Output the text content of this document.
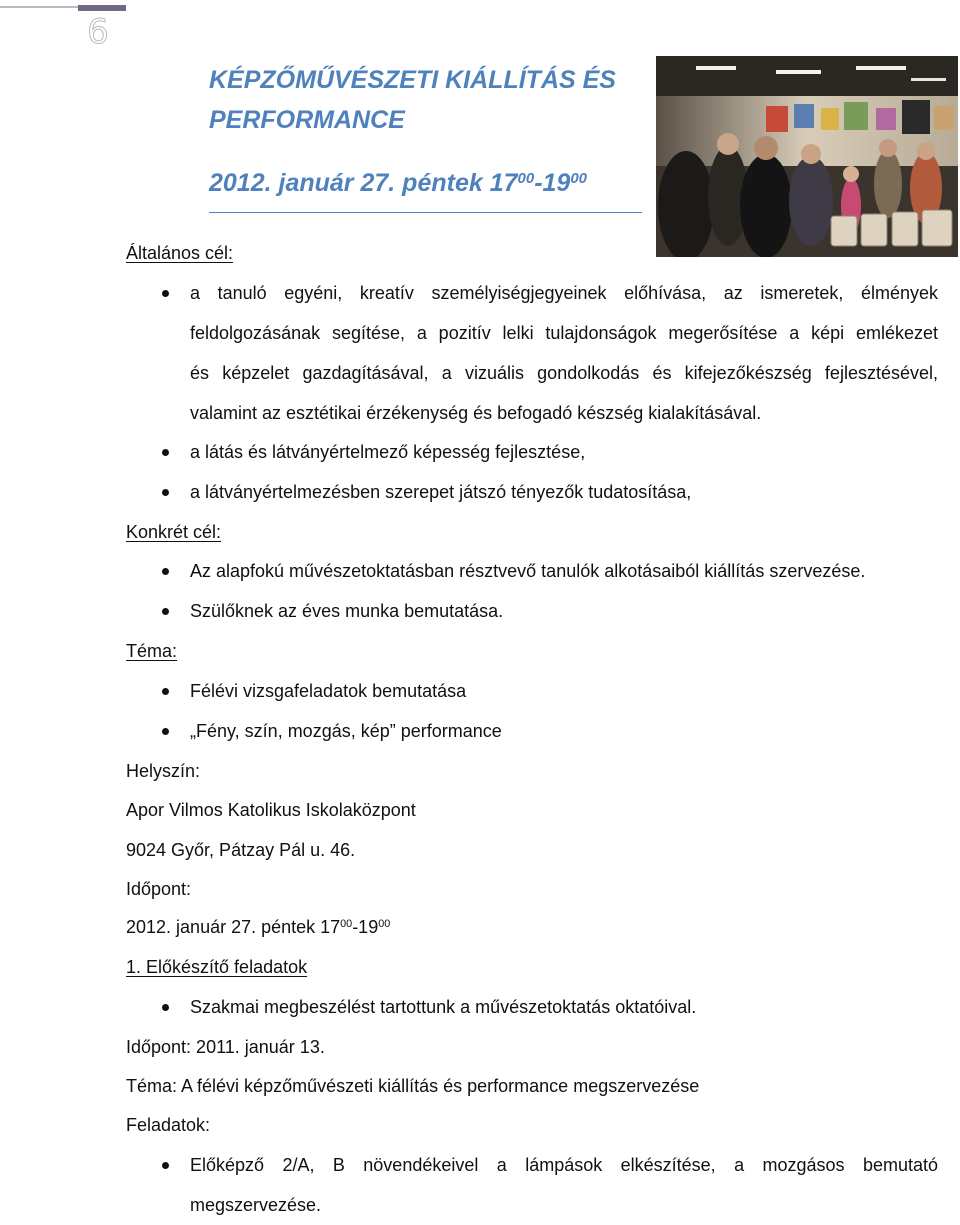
6
KÉPZŐMŰVÉSZETI KIÁLLÍTÁS ÉS PERFORMANCE
2012. január 27. péntek $17^{00}-19^{00}$
Általános cél:
a tanuló egyéni, kreatív személyiségjegyeinek előhívása, az ismeretek, élmények
feldolgozásának segítése, a pozitív lelki tulajdonságok megerősítése a képi emlékezet
és képzelet gazdagításával, a vizuális gondolkodás és kifejezőkészség fejlesztésével,
valamint az esztétikai érzékenység és befogadó készség kialakításával.
a látás és látványértelmező képesség fejlesztése,
a látványértelmezésben szerepet játszó tényezők tudatosítása,
Konkrét cél:
Az alapfokú művészetoktatásban résztvevő tanulók alkotásaiból kiállítás szervezése.
Szülőknek az éves munka bemutatása.
Téma:
Félévi vizsgafeladatok bemutatása
„Fény, szín, mozgás, kép” performance
Helyszín:
Apor Vilmos Katolikus Iskolaközpont
9024 Győr, Pátzay Pál u. 46.
Időpont:
2012. január 27. péntek $17^{00}-19^{00}$
1. Előkészítő feladatok
Szakmai megbeszélést tartottunk a művészetoktatás oktatóival.
Időpont: 2011. január 13.
Téma: A félévi képzőművészeti kiállítás és performance megszervezése
Feladatok:
Előképző 2/A, B növendékeivel a lámpások elkészítése, a mozgásos bemutató
megszervezése.
